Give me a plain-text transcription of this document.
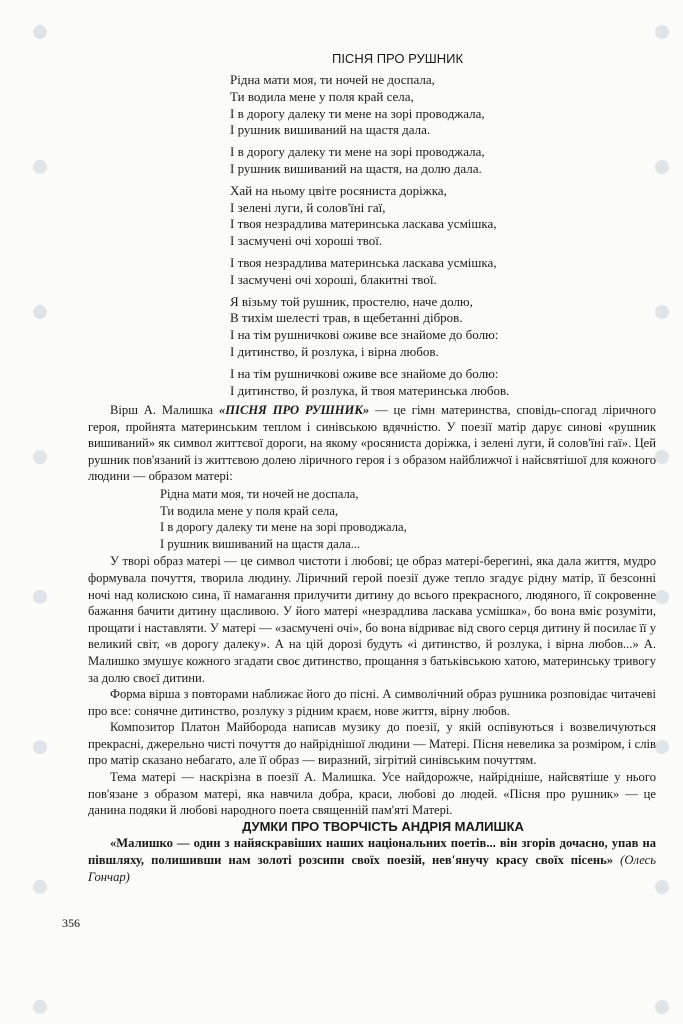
ПІСНЯ ПРО РУШНИК
Рідна мати моя, ти ночей не доспала,
Ти водила мене у поля край села,
І в дорогу далеку ти мене на зорі проводжала,
І рушник вишиваний на щастя дала.
І в дорогу далеку ти мене на зорі проводжала,
І рушник вишиваний на щастя, на долю дала.
Хай на ньому цвіте росяниста доріжка,
І зелені луги, й солов'їні гаї,
І твоя незрадлива материнська ласкава усмішка,
І засмучені очі хороші твої.
І твоя незрадлива материнська ласкава усмішка,
І засмучені очі хороші, блакитні твої.
Я візьму той рушник, простелю, наче долю,
В тихім шелесті трав, в щебетанні дібров.
І на тім рушничкові оживе все знайоме до болю:
І дитинство, й розлука, і вірна любов.
І на тім рушничкові оживе все знайоме до болю:
І дитинство, й розлука, й твоя материнська любов.

Вірш А. Малишка «ПІСНЯ ПРО РУШНИК» — це гімн материнства, сповідь-спогад ліричного героя, пройнята материнським теплом і синівською вдячністю. У поезії матір дарує синові «рушник вишиваний» як символ життєвої дороги, на якому «росяниста доріжка, і зелені луги, й солов'їні гаї». Цей рушник пов'язаний із життєвою долею ліричного героя і з образом найближчої і найсвятішої для кожного людини — образом матері:

Рідна мати моя, ти ночей не доспала,

Ти водила мене у поля край села,

І в дорогу далеку ти мене на зорі проводжала,

І рушник вишиваний на щастя дала...

У творі образ матері — це символ чистоти і любові; це образ матері-берегині, яка дала життя, мудро формувала почуття, творила людину. Ліричний герой поезії дуже тепло згадує рідну матір, її безсонні ночі над колискою сина, її намагання прилучити дитину до всього прекрасного, людяного, її сокровенне бажання бачити дитину щасливою. У його матері «незрадлива ласкава усмішка», бо вона вміє розуміти, прощати і наставляти. У матері — «засмучені очі», бо вона відриває від свого серця дитину й посилає її у великий світ, «в дорогу далеку». А на цій дорозі будуть «і дитинство, й розлука, і вірна любов...» А. Малишко змушує кожного згадати своє дитинство, прощання з батьківською хатою, материнську тривогу за долю своєї дитини.

Форма вірша з повторами наближає його до пісні. А символічний образ рушника розповідає читачеві про все: сонячне дитинство, розлуку з рідним краєм, нове життя, вірну любов.

Композитор Платон Майборода написав музику до поезії, у якій оспівуються і возвеличуються прекрасні, джерельно чисті почуття до найріднішої людини — Матері. Пісня невелика за розміром, і слів про матір сказано небагато, але її образ — виразний, зігрітий синівським почуттям.

Тема матері — наскрізна в поезії А. Малишка. Усе найдорожче, найрідніше, найсвятіше у нього пов'язане з образом матері, яка навчила добра, краси, любові до людей. «Пісня про рушник» — це данина подяки й любові народного поета священній пам'яті Матері.

ДУМКИ ПРО ТВОРЧІСТЬ АНДРІЯ МАЛИШКА

«Малишко — один з найяскравіших наших національних поетів... він згорів дочасно, упав на півшляху, полишивши нам золоті розсипи своїх поезій, нев'янучу красу своїх пісень» (Олесь Гончар)

356
